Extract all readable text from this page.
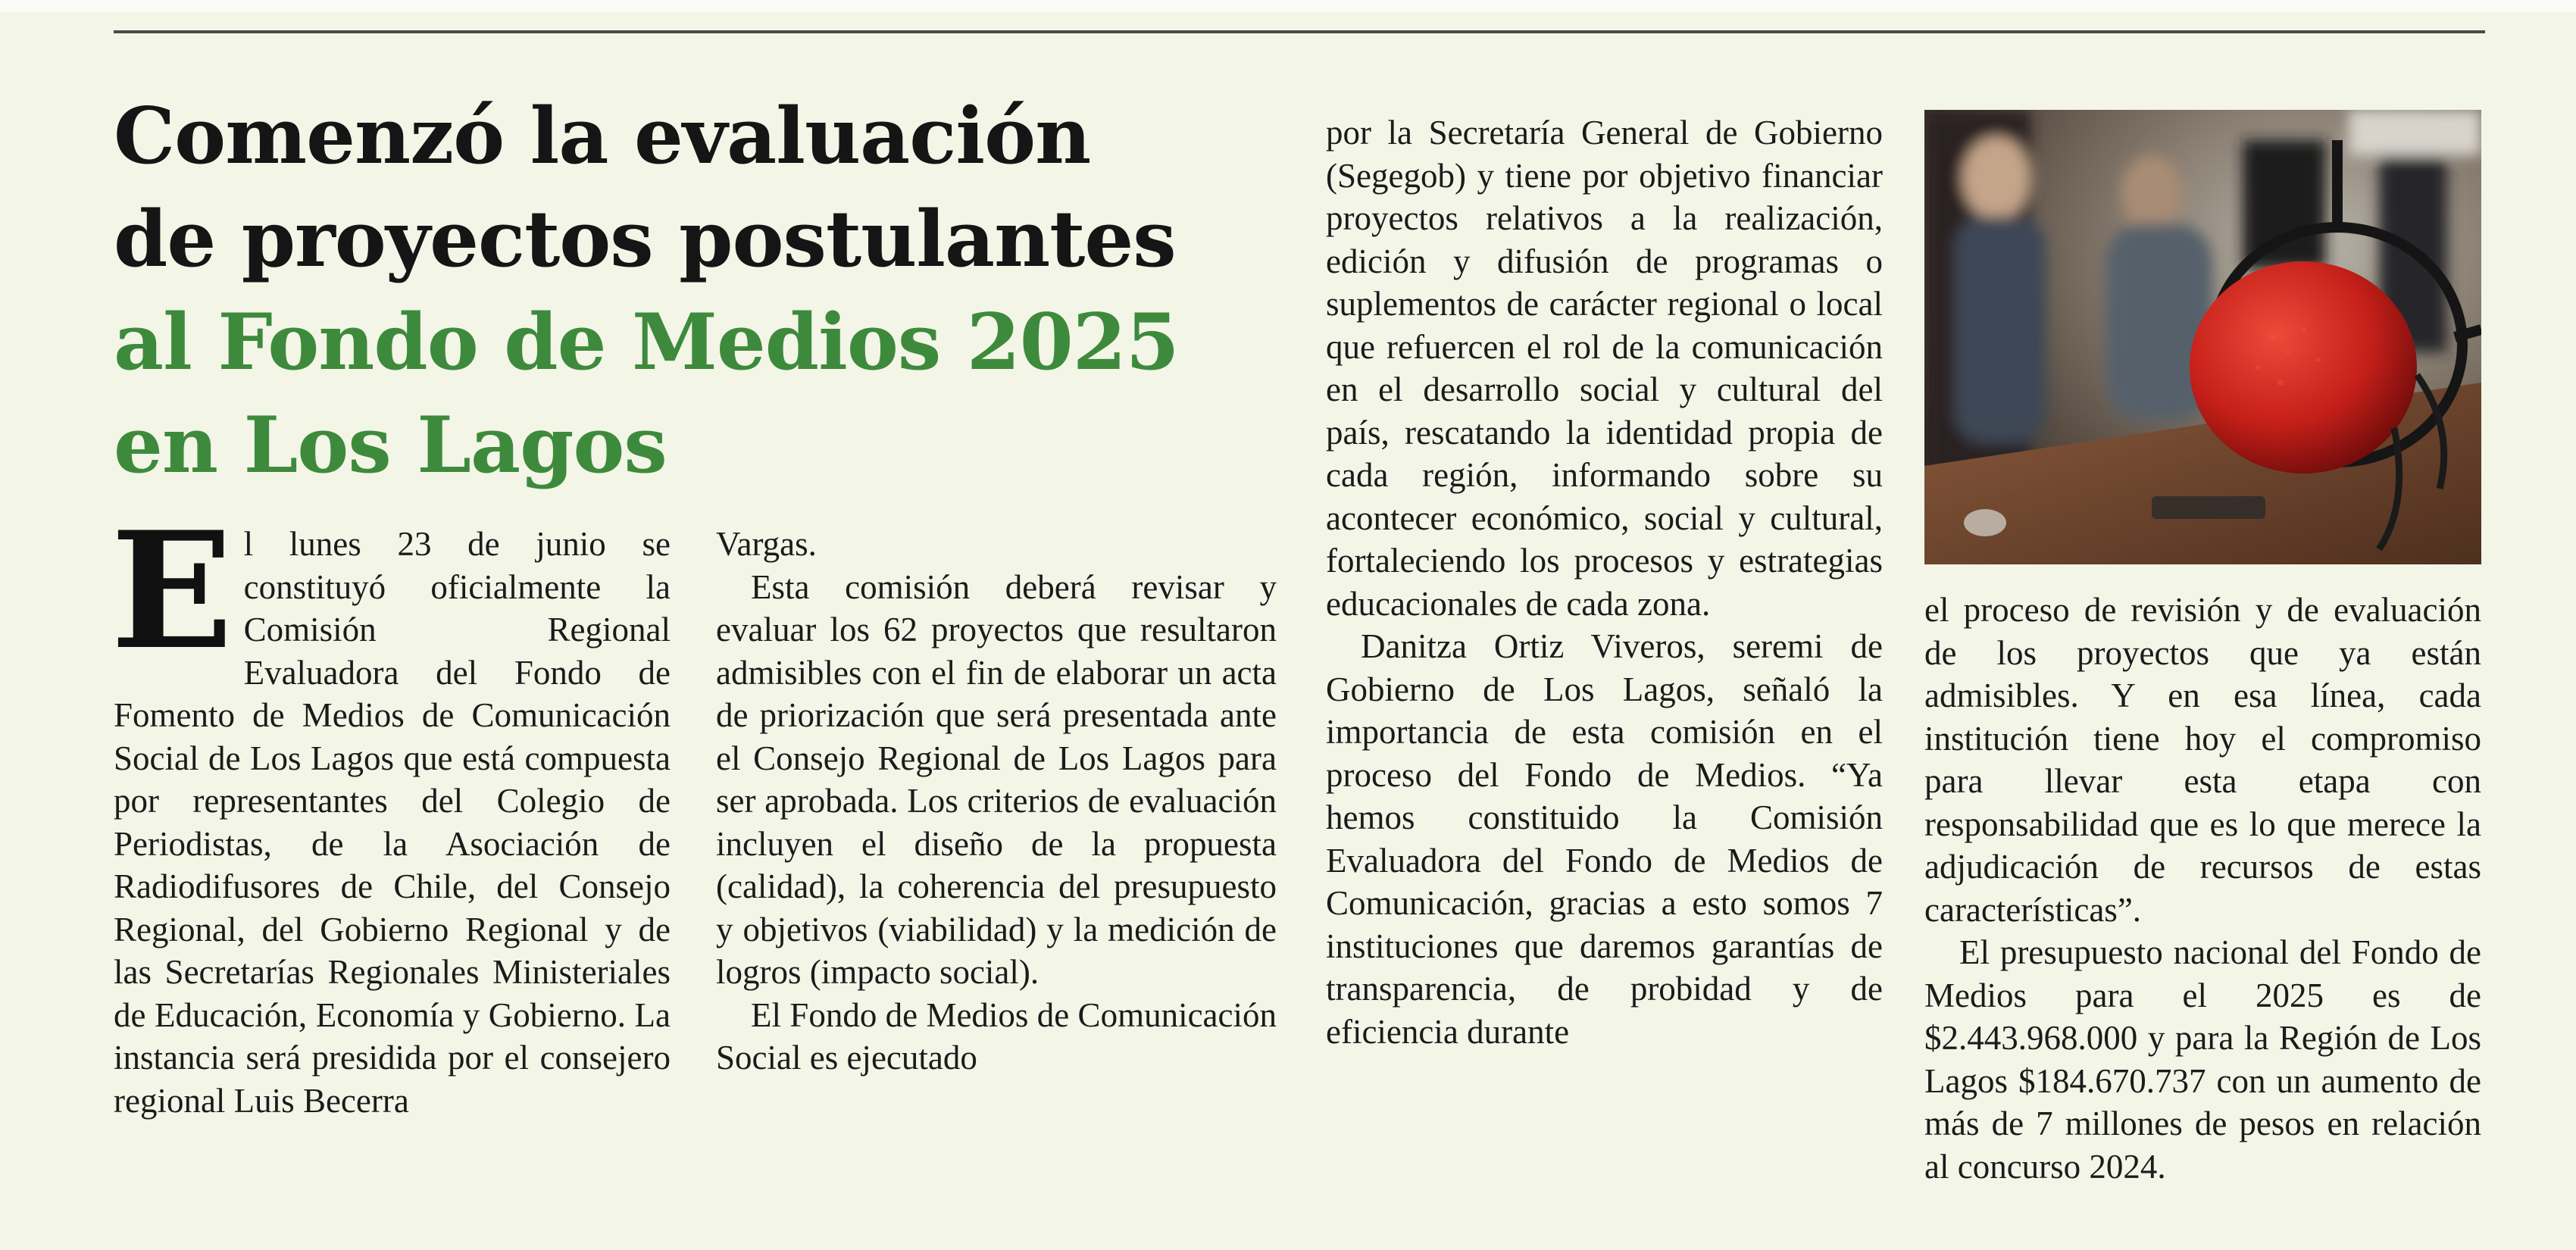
Comenzó la evaluación
de proyectos postulantes
al Fondo de Medios 2025
en Los Lagos

El lunes 23 de junio se constituyó oficialmente la Comisión Regional Evaluadora del Fondo de Fomento de Medios de Comunicación Social de Los Lagos que está compuesta por representantes del Colegio de Periodistas, de la Asociación de Radiodifusores de Chile, del Consejo Regional, del Gobierno Regional y de las Secretarías Regionales Ministeriales de Educación, Economía y Gobierno. La instancia será presidida por el consejero regional Luis Becerra

Vargas.

Esta comisión deberá revisar y evaluar los 62 proyectos que resultaron admisibles con el fin de elaborar un acta de priorización que será presentada ante el Consejo Regional de Los Lagos para ser aprobada. Los criterios de evaluación incluyen el diseño de la propuesta (calidad), la coherencia del presupuesto y objetivos (viabilidad) y la medición de logros (impacto social).

El Fondo de Medios de Comunicación Social es ejecutado

por la Secretaría General de Gobierno (Segegob) y tiene por objetivo financiar proyectos relativos a la realización, edición y difusión de programas o suplementos de carácter regional o local que refuercen el rol de la comunicación en el desarrollo social y cultural del país, rescatando la identidad propia de cada región, informando sobre su acontecer económico, social y cultural, fortaleciendo los procesos y estrategias educacionales de cada zona.

Danitza Ortiz Viveros, seremi de Gobierno de Los Lagos, señaló la importancia de esta comisión en el proceso del Fondo de Medios. “Ya hemos constituido la Comisión Evaluadora del Fondo de Medios de Comunicación, gracias a esto somos 7 instituciones que daremos garantías de transparencia, de probidad y de eficiencia durante

el proceso de revisión y de evaluación de los proyectos que ya están admisibles. Y en esa línea, cada institución tiene hoy el compromiso para llevar esta etapa con responsabilidad que es lo que merece la adjudicación de recursos de estas características”.

El presupuesto nacional del Fondo de Medios para el 2025 es de $2.443.968.000 y para la Región de Los Lagos $184.670.737 con un aumento de más de 7 millones de pesos en relación al concurso 2024.
